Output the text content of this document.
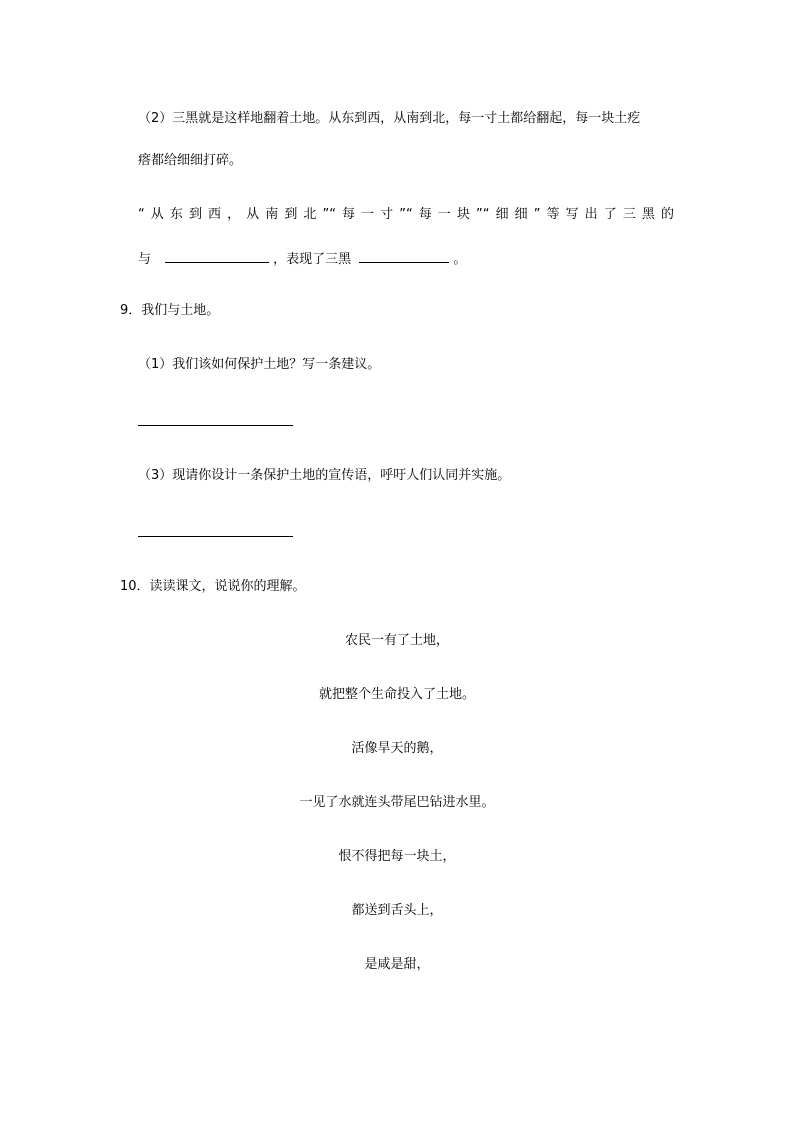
（2）三黑就是这样地翻着土地。从东到西，从南到北，每一寸土都给翻起，每一块土疙
瘩都给细细打碎。
“从东到西，从南到北”“每一寸”“每一块”“细细”等写出了三黑的
与	，表现了三黑	。
9．我们与土地。
（1）我们该如何保护土地？写一条建议。
（3）现请你设计一条保护土地的宣传语，呼吁人们认同并实施。
10．读读课文，说说你的理解。
农民一有了土地，
就把整个生命投入了土地。
活像旱天的鹅，
一见了水就连头带尾巴钻进水里。
恨不得把每一块土，
都送到舌头上，
是咸是甜，
